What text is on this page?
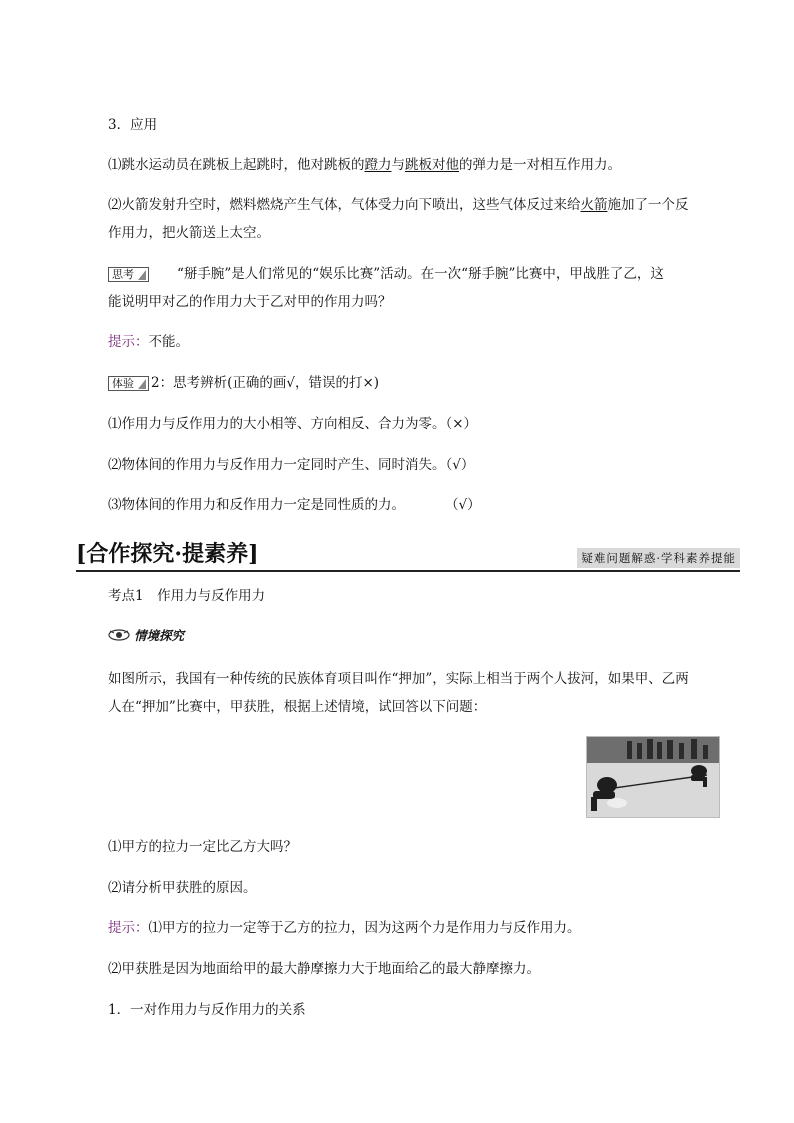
3．应用
⑴跳水运动员在跳板上起跳时，他对跳板的蹬力与跳板对他的弹力是一对相互作用力。
⑵火箭发射升空时，燃料燃烧产生气体，气体受力向下喷出，这些气体反过来给火箭施加了一个反
作用力，把火箭送上太空。
思考	“掰手腕”是人们常见的“娱乐比赛”活动。在一次“掰手腕”比赛中，甲战胜了乙，这
能说明甲对乙的作用力大于乙对甲的作用力吗？
提示：不能。
体验 2：思考辨析(正确的画√，错误的打×)
⑴作用力与反作用力的大小相等、方向相反、合力为零。（×）
⑵物体间的作用力与反作用力一定同时产生、同时消失。（√）
⑶物体间的作用力和反作用力一定是同性质的力。	（√）
[合作探究·提素养]	疑难问题解惑·学科素养提能
考点1　作用力与反作用力
情境探究
如图所示，我国有一种传统的民族体育项目叫作“押加”，实际上相当于两个人拔河，如果甲、乙两
人在“押加”比赛中，甲获胜，根据上述情境，试回答以下问题：
⑴甲方的拉力一定比乙方大吗？
⑵请分析甲获胜的原因。
提示：⑴甲方的拉力一定等于乙方的拉力，因为这两个力是作用力与反作用力。
⑵甲获胜是因为地面给甲的最大静摩擦力大于地面给乙的最大静摩擦力。
1．一对作用力与反作用力的关系
